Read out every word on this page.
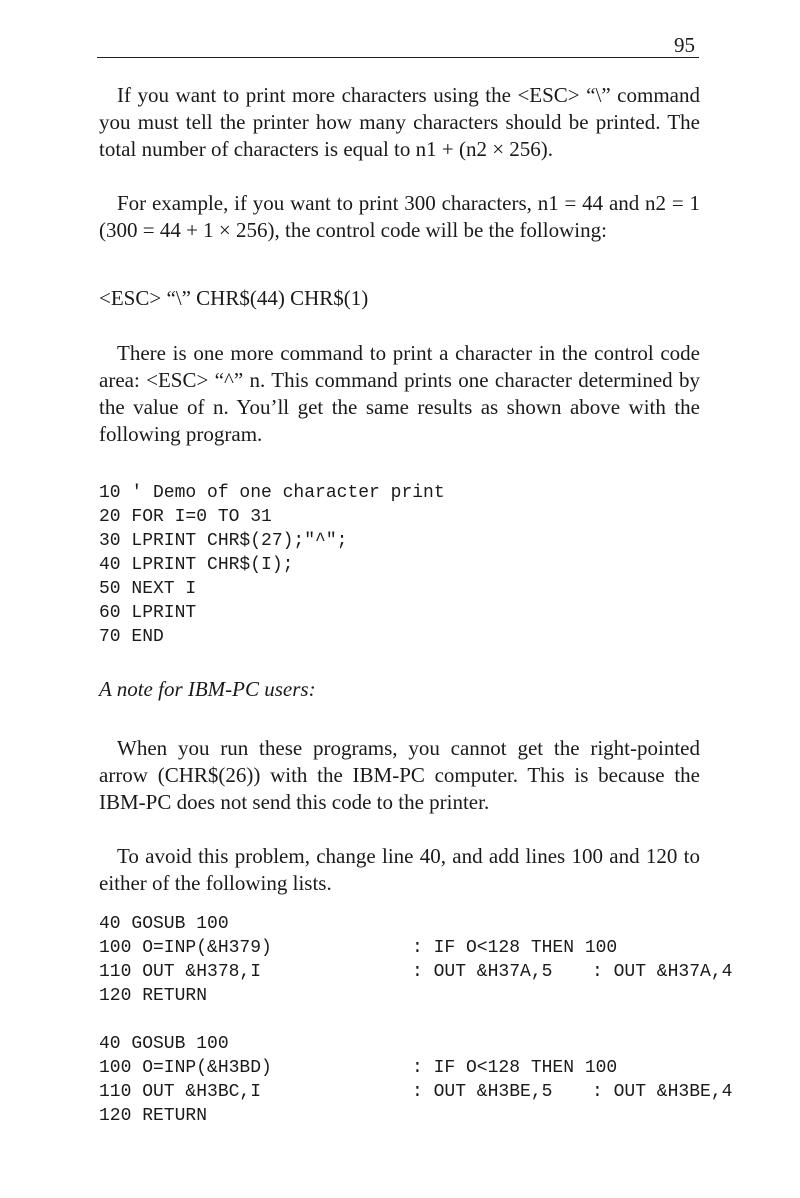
95

If you want to print more characters using the <ESC> “\” command you must tell the printer how many characters should be printed. The total number of characters is equal to n1 + (n2 × 256).

For example, if you want to print 300 characters, n1 = 44 and n2 = 1 (300 = 44 + 1 × 256), the control code will be the following:

<ESC> “\” CHR$(44) CHR$(1)

There is one more command to print a character in the control code area: <ESC> “^” n. This command prints one character determined by the value of n. You’ll get the same results as shown above with the following program.

10 ' Demo of one character print
20 FOR I=0 TO 31
30 LPRINT CHR$(27);"^";
40 LPRINT CHR$(I);
50 NEXT I
60 LPRINT
70 END
A note for IBM-PC users:

When you run these programs, you cannot get the right-pointed arrow (CHR$(26)) with the IBM-PC computer. This is because the IBM-PC does not send this code to the printer.

To avoid this problem, change line 40, and add lines 100 and 120 to either of the following lists.

40 GOSUB 100
100 O=INP(&H379)	: IF O<128 THEN 100
110 OUT &H378,I	: OUT &H37A,5 : OUT &H37A,4
120 RETURN
40 GOSUB 100
100 O=INP(&H3BD)	: IF O<128 THEN 100
110 OUT &H3BC,I	: OUT &H3BE,5 : OUT &H3BE,4
120 RETURN
